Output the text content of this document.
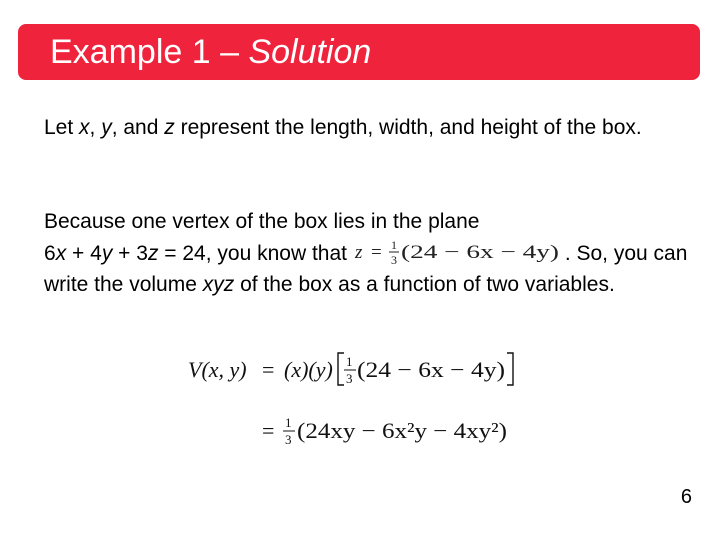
Example 1 – Solution
Let x, y, and z represent the length, width, and height of the box.
Because one vertex of the box lies in the plane
6x + 4y + 3z = 24, you know that z = 1
3 (24 − 6x − 4y) . So, you can write the volume xyz of the box as a function of two variables.
V(x, y) = (x)(y) 1
3 (24 − 6x − 4y)
= 1
3 (24xy − 6x²y − 4xy²)
6
